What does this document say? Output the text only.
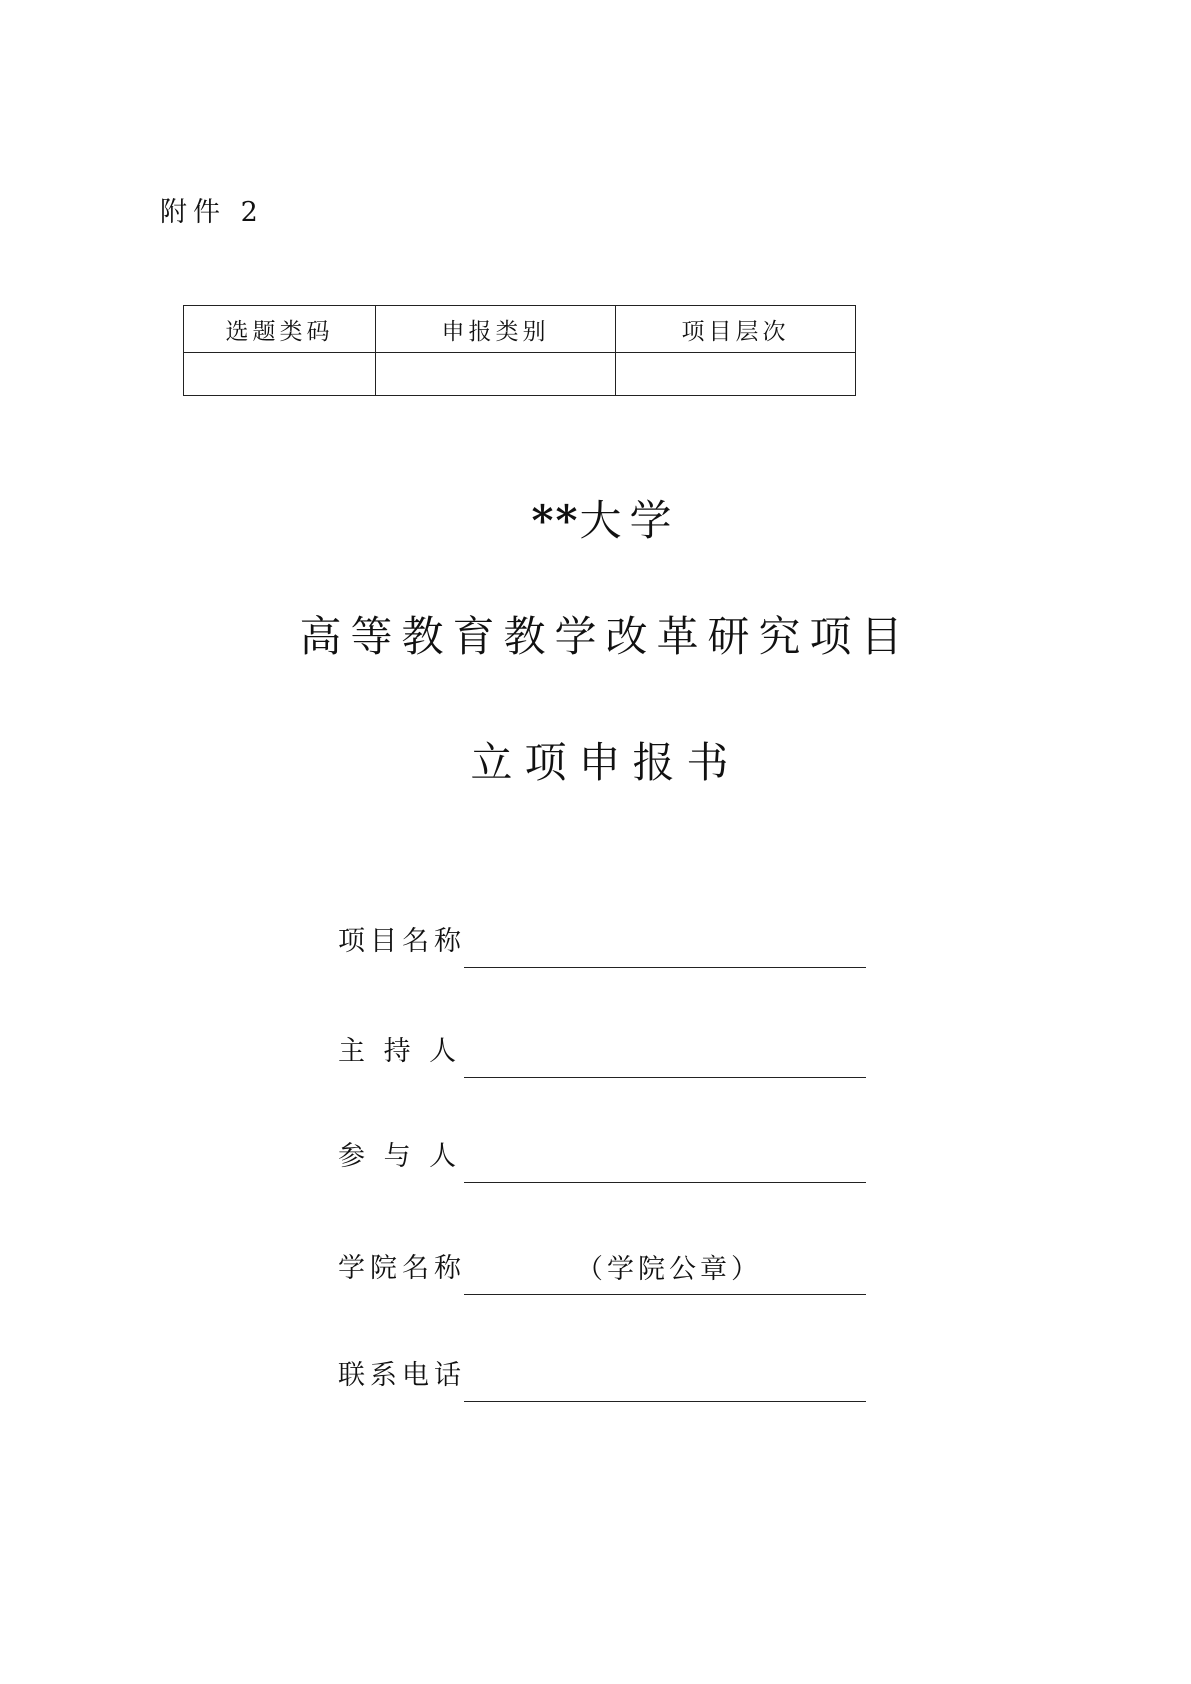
附件 2
选题类码	申报类别	项目层次

**大学
高等教育教学改革研究项目
立项申报书
项目名称
主 持 人
参 与 人
学院名称	（学院公章）
联系电话
